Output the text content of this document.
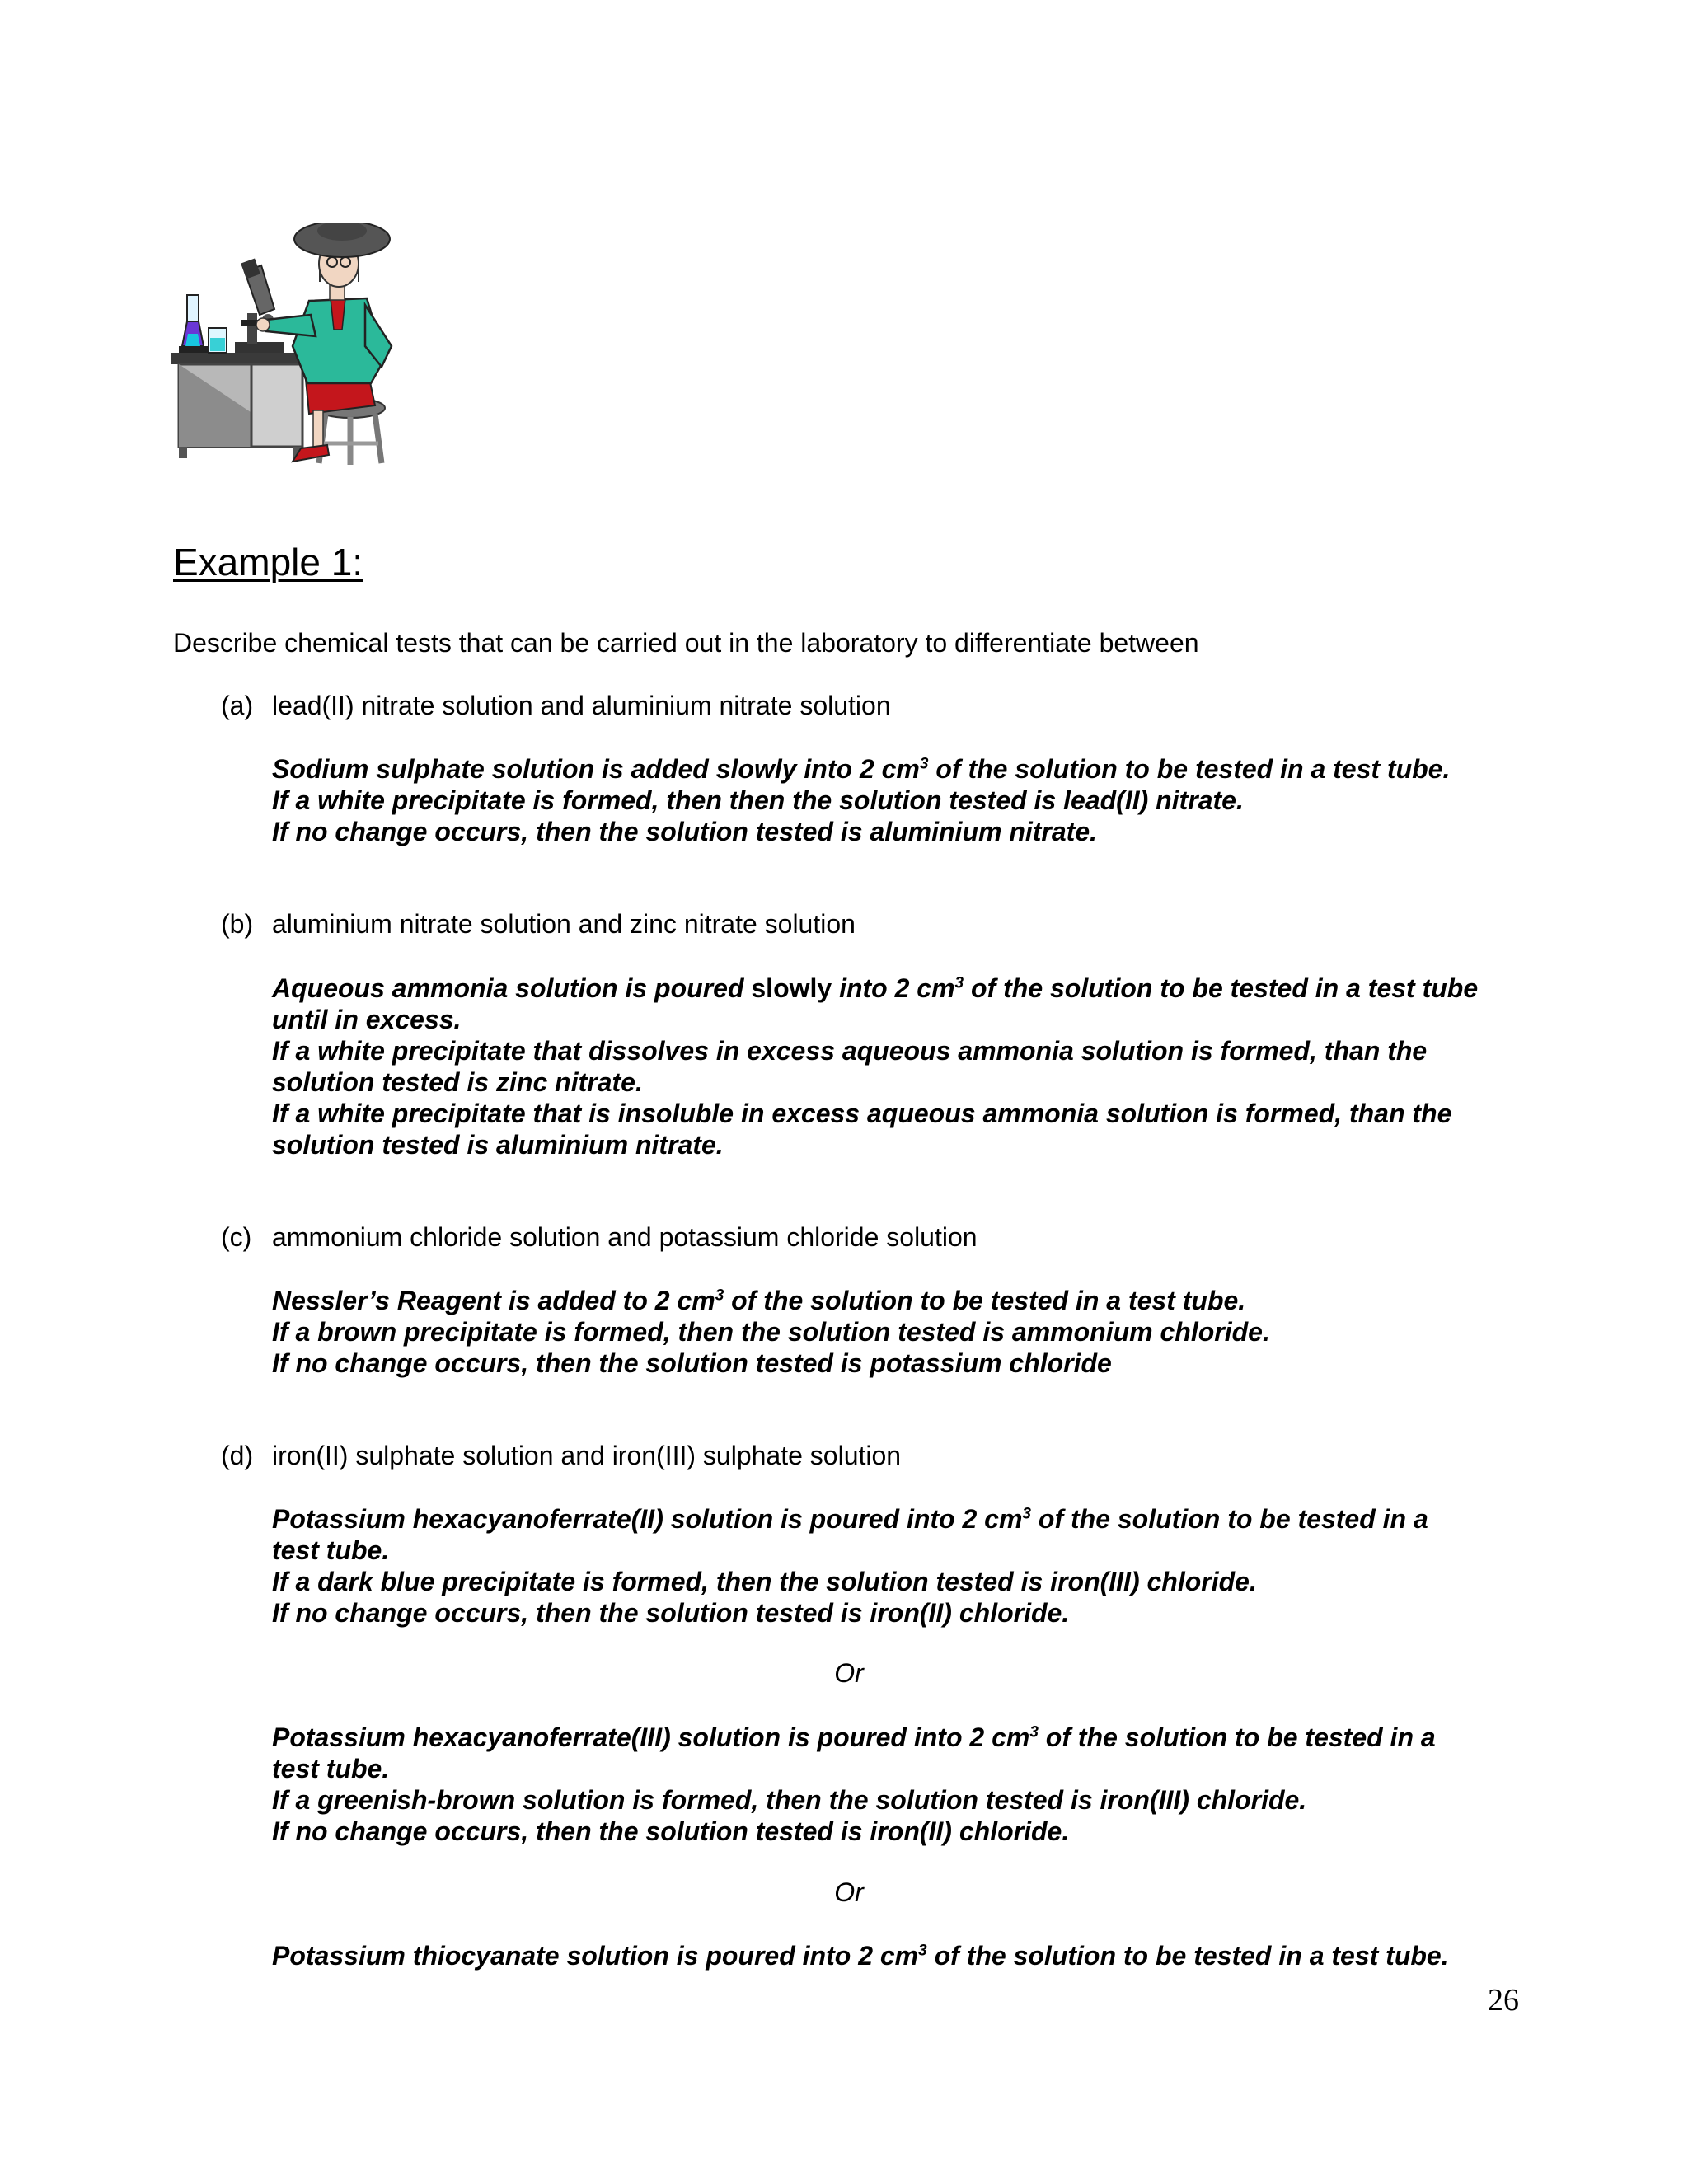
Example 1:

Describe chemical tests that can be carried out in the laboratory to differentiate between

(a) lead(II) nitrate solution and aluminium nitrate solution

Sodium sulphate solution is added slowly into 2 $cm^3$ of the solution to be tested in a test tube.
If a white precipitate is formed, then then the solution tested is lead(II) nitrate.
If no change occurs, then the solution tested is aluminium nitrate.

(b) aluminium nitrate solution and zinc nitrate solution

Aqueous ammonia solution is poured slowly into 2 $cm^3$ of the solution to be tested in a test tube
until in excess.
If a white precipitate that dissolves in excess aqueous ammonia solution is formed, than the
solution tested is zinc nitrate.
If a white precipitate that is insoluble in excess aqueous ammonia solution is formed, than the
solution tested is aluminium nitrate.

(c) ammonium chloride solution and potassium chloride solution

Nessler’s Reagent is added to 2 $cm^3$ of the solution to be tested in a test tube.
If a brown precipitate is formed, then the solution tested is ammonium chloride.
If no change occurs, then the solution tested is potassium chloride

(d) iron(II) sulphate solution and iron(III) sulphate solution

Potassium hexacyanoferrate(II) solution is poured into 2 $cm^3$ of the solution to be tested in a
test tube.
If a dark blue precipitate is formed, then the solution tested is iron(III) chloride.
If no change occurs, then the solution tested is iron(II) chloride.

Or

Potassium hexacyanoferrate(III) solution is poured into 2 $cm^3$ of the solution to be tested in a
test tube.
If a greenish-brown solution is formed, then the solution tested is iron(III) chloride.
If no change occurs, then the solution tested is iron(II) chloride.

Or

Potassium thiocyanate solution is poured into 2 $cm^3$ of the solution to be tested in a test tube.

26
